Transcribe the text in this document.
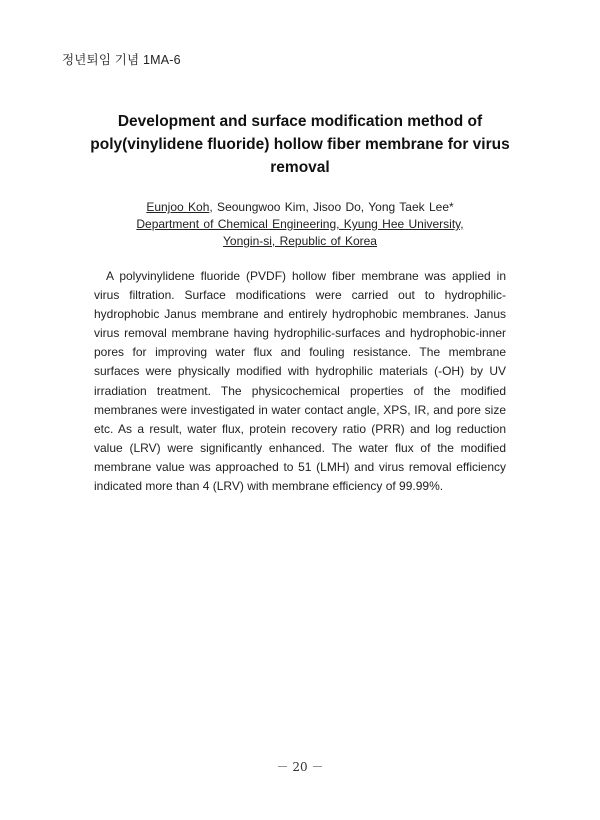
정년퇴임 기념 1MA-6
Development and surface modification method of poly(vinylidene fluoride) hollow fiber membrane for virus removal
Eunjoo Koh, Seoungwoo Kim, Jisoo Do, Yong Taek Lee*
Department of Chemical Engineering, Kyung Hee University,
Yongin-si, Republic of Korea

A polyvinylidene fluoride (PVDF) hollow fiber membrane was applied in virus filtration. Surface modifications were carried out to hydrophilic-hydrophobic Janus membrane and entirely hydrophobic membranes. Janus virus removal membrane having hydrophilic-surfaces and hydrophobic-inner pores for improving water flux and fouling resistance. The membrane surfaces were physically modified with hydrophilic materials (-OH) by UV irradiation treatment. The physicochemical properties of the modified membranes were investigated in water contact angle, XPS, IR, and pore size etc. As a result, water flux, protein recovery ratio (PRR) and log reduction value (LRV) were significantly enhanced. The water flux of the modified membrane value was approached to 51 (LMH) and virus removal efficiency indicated more than 4 (LRV) with membrane efficiency of 99.99%.

－ 20 －
